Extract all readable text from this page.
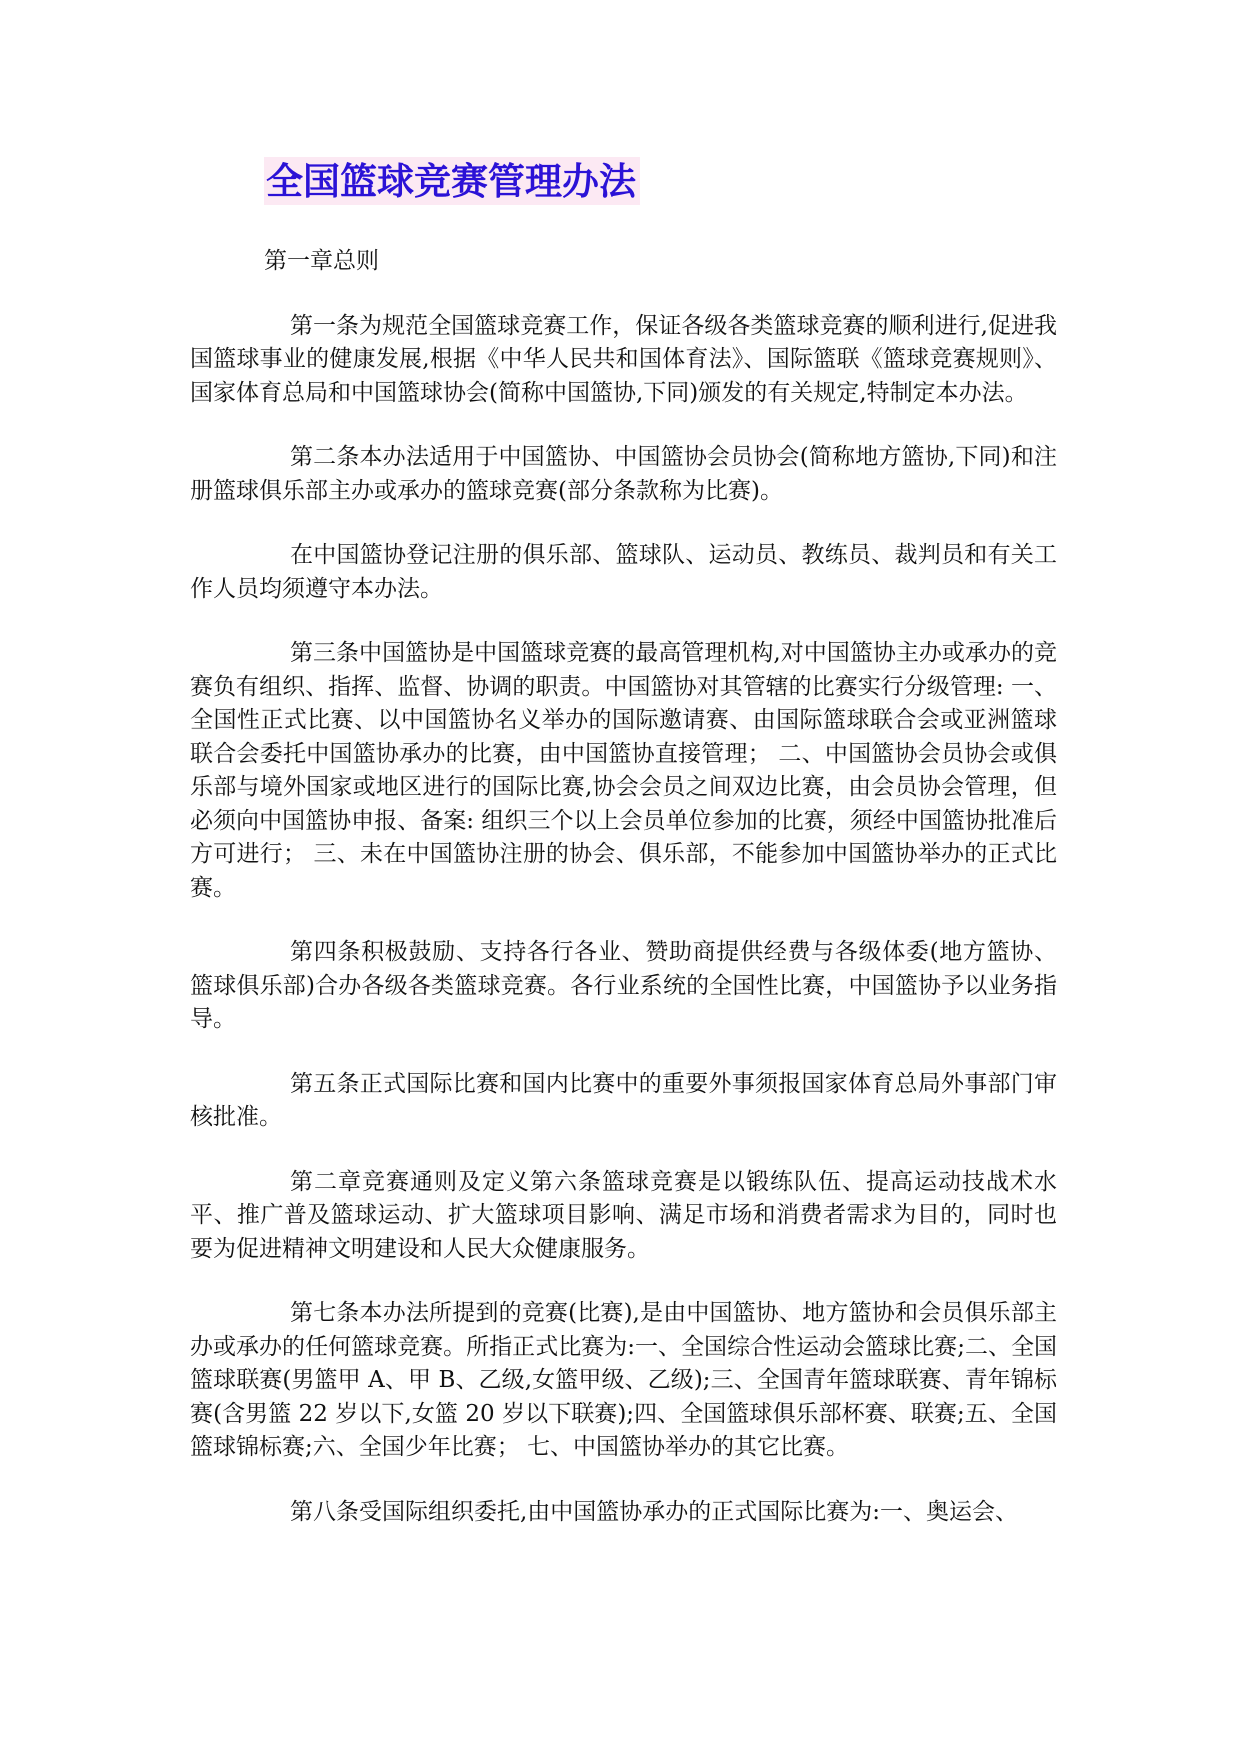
全国篮球竞赛管理办法

第一章总则

第一条为规范全国篮球竞赛工作，保证各级各类篮球竞赛的顺利进行,促进我国篮球事业的健康发展,根据《中华人民共和国体育法》、国际篮联《篮球竞赛规则》、国家体育总局和中国篮球协会(简称中国篮协,下同)颁发的有关规定,特制定本办法。

第二条本办法适用于中国篮协、中国篮协会员协会(简称地方篮协,下同)和注册篮球俱乐部主办或承办的篮球竞赛(部分条款称为比赛)。

在中国篮协登记注册的俱乐部、篮球队、运动员、教练员、裁判员和有关工作人员均须遵守本办法。

第三条中国篮协是中国篮球竞赛的最高管理机构,对中国篮协主办或承办的竞赛负有组织、指挥、监督、协调的职责。中国篮协对其管辖的比赛实行分级管理: 一、全国性正式比赛、以中国篮协名义举办的国际邀请赛、由国际篮球联合会或亚洲篮球联合会委托中国篮协承办的比赛，由中国篮协直接管理； 二、中国篮协会员协会或俱乐部与境外国家或地区进行的国际比赛,协会会员之间双边比赛，由会员协会管理，但必须向中国篮协申报、备案: 组织三个以上会员单位参加的比赛，须经中国篮协批准后方可进行； 三、未在中国篮协注册的协会、俱乐部，不能参加中国篮协举办的正式比赛。

第四条积极鼓励、支持各行各业、赞助商提供经费与各级体委(地方篮协、篮球俱乐部)合办各级各类篮球竞赛。各行业系统的全国性比赛，中国篮协予以业务指导。

第五条正式国际比赛和国内比赛中的重要外事须报国家体育总局外事部门审核批准。

第二章竞赛通则及定义第六条篮球竞赛是以锻练队伍、提高运动技战术水平、推广普及篮球运动、扩大篮球项目影响、满足市场和消费者需求为目的，同时也要为促进精神文明建设和人民大众健康服务。

第七条本办法所提到的竞赛(比赛),是由中国篮协、地方篮协和会员俱乐部主办或承办的任何篮球竞赛。所指正式比赛为:一、全国综合性运动会篮球比赛;二、全国篮球联赛(男篮甲 A、甲 B、乙级,女篮甲级、乙级);三、全国青年篮球联赛、青年锦标赛(含男篮 22 岁以下,女篮 20 岁以下联赛);四、全国篮球俱乐部杯赛、联赛;五、全国篮球锦标赛;六、全国少年比赛； 七、中国篮协举办的其它比赛。

第八条受国际组织委托,由中国篮协承办的正式国际比赛为:一、奥运会、
